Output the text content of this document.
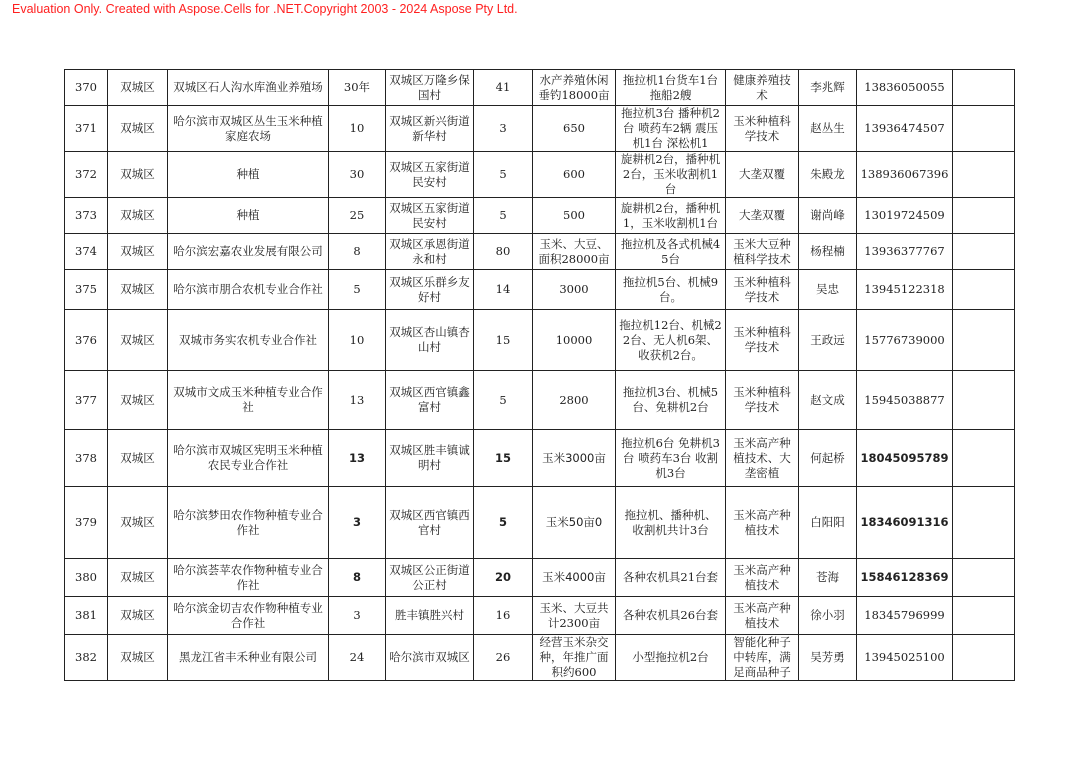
Evaluation Only. Created with Aspose.Cells for .NET.Copyright 2003 - 2024 Aspose Pty Ltd.
370	双城区	双城区石人沟水库渔业养殖场	30年	双城区万隆乡保国村	41	水产养殖休闲垂钓18000亩	拖拉机1台货车1台拖船2艘	健康养殖技术	李兆辉	13836050055	
371	双城区	哈尔滨市双城区丛生玉米种植家庭农场	10	双城区新兴街道新华村	3	650	拖拉机3台 播种机2台 喷药车2辆 震压机1台 深松机1	玉米种植科学技术	赵丛生	13936474507	
372	双城区	种植	30	双城区五家街道民安村	5	600	旋耕机2台，播种机2台，玉米收割机1台	大垄双覆	朱殿龙	138936067396	
373	双城区	种植	25	双城区五家街道民安村	5	500	旋耕机2台，播种机1，玉米收割机1台	大垄双覆	谢尚峰	13019724509	
374	双城区	哈尔滨宏嘉农业发展有限公司	8	双城区承恩街道永和村	80	玉米、大豆、面积28000亩	拖拉机及各式机械45台	玉米大豆种植科学技术	杨程楠	13936377767	
375	双城区	哈尔滨市朋合农机专业合作社	5	双城区乐群乡友好村	14	3000	拖拉机5台、机械9台。	玉米种植科学技术	吴忠	13945122318	
376	双城区	双城市务实农机专业合作社	10	双城区杏山镇杏山村	15	10000	拖拉机12台、机械22台、无人机6架、收获机2台。	玉米种植科学技术	王政远	15776739000	
377	双城区	双城市文成玉米种植专业合作社	13	双城区西官镇鑫富村	5	2800	拖拉机3台、机械5台、免耕机2台	玉米种植科学技术	赵文成	15945038877	
378	双城区	哈尔滨市双城区宪明玉米种植农民专业合作社	13	双城区胜丰镇诚明村	15	玉米3000亩	拖拉机6台 免耕机3台 喷药车3台 收割机3台	玉米高产种植技术、大垄密植	何起桥	18045095789	
379	双城区	哈尔滨梦田农作物种植专业合作社	3	双城区西官镇西官村	5	玉米50亩0	拖拉机、播种机、收割机共计3台	玉米高产种植技术	白阳阳	18346091316	
380	双城区	哈尔滨荟苹农作物种植专业合作社	8	双城区公正街道公正村	20	玉米4000亩	各种农机具21台套	玉米高产种植技术	苍海	15846128369	
381	双城区	哈尔滨金切吉农作物种植专业合作社	3	胜丰镇胜兴村	16	玉米、大豆共计2300亩	各种农机具26台套	玉米高产种植技术	徐小羽	18345796999	
382	双城区	黑龙江省丰禾种业有限公司	24	哈尔滨市双城区	26	经营玉米杂交种，年推广面积约600	小型拖拉机2台	智能化种子中转库，满足商品种子	吴芳勇	13945025100	
